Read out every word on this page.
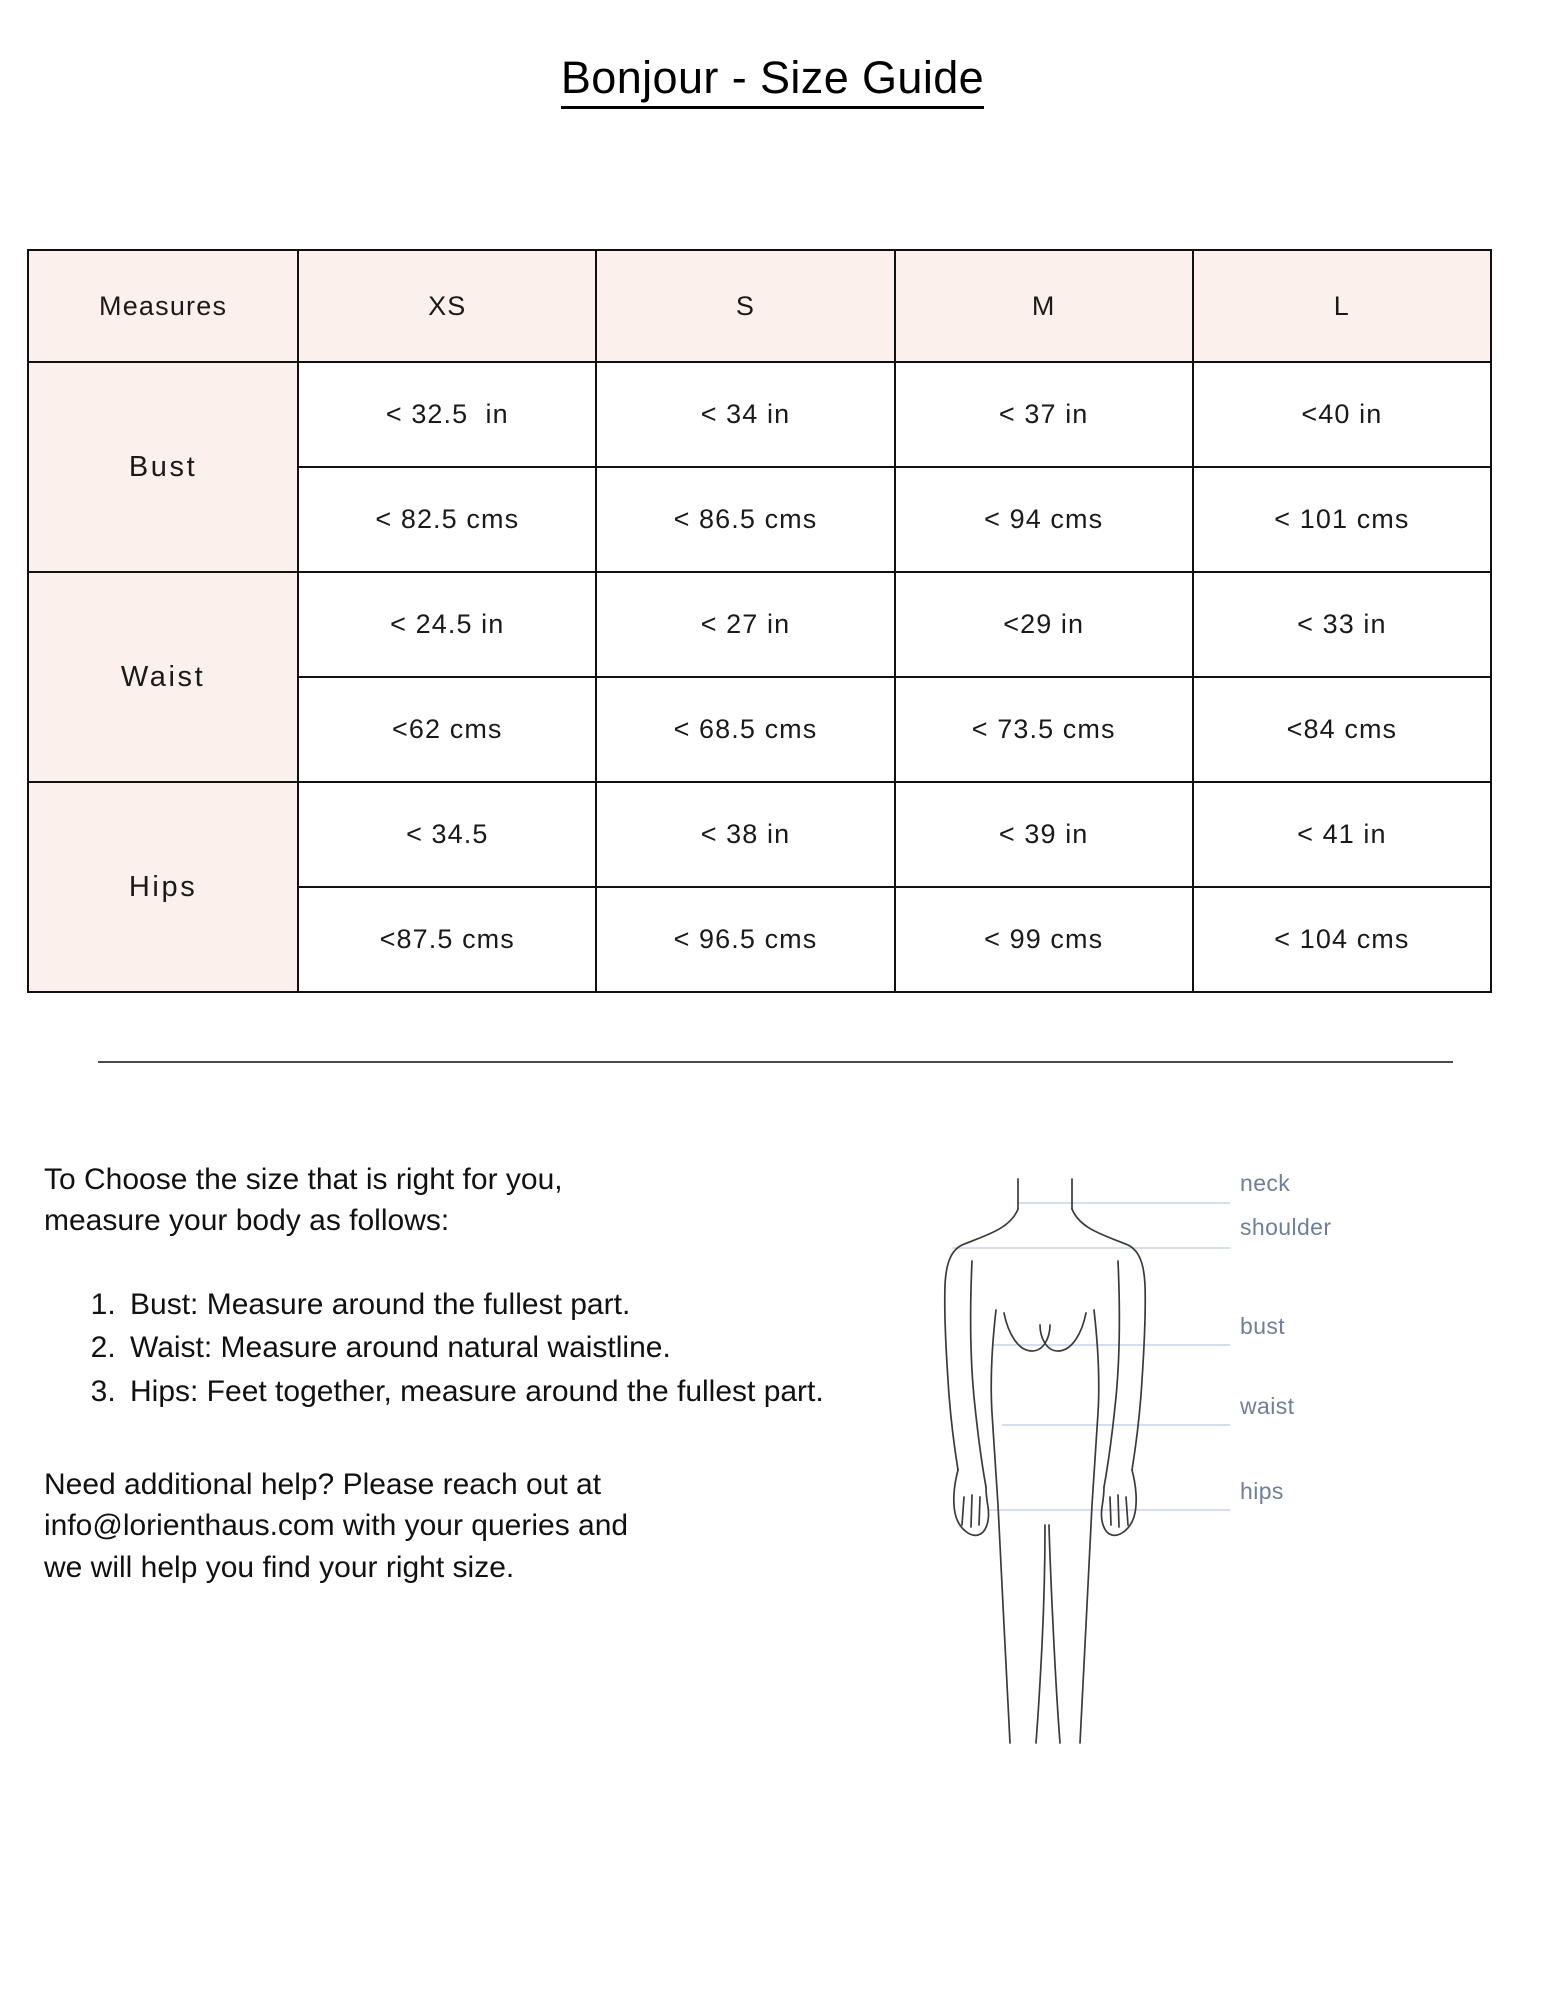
Bonjour - Size Guide
Measures	XS	S	M	L
Bust	< 32.5  in	< 34 in	< 37 in	<40 in
	< 82.5 cms	< 86.5 cms	< 94 cms	< 101 cms
Waist	< 24.5 in	< 27 in	<29 in	< 33 in
	<62 cms	< 68.5 cms	< 73.5 cms	<84 cms
Hips	< 34.5	< 38 in	< 39 in	< 41 in
	<87.5 cms	< 96.5 cms	< 99 cms	< 104 cms
To Choose the size that is right for you,
measure your body as follows:
1. Bust: Measure around the fullest part.
2. Waist: Measure around natural waistline.
3. Hips: Feet together, measure around the fullest part.
Need additional help? Please reach out at
info@lorienthaus.com with your queries and
we will help you find your right size.
neck
shoulder
bust
waist
hips
